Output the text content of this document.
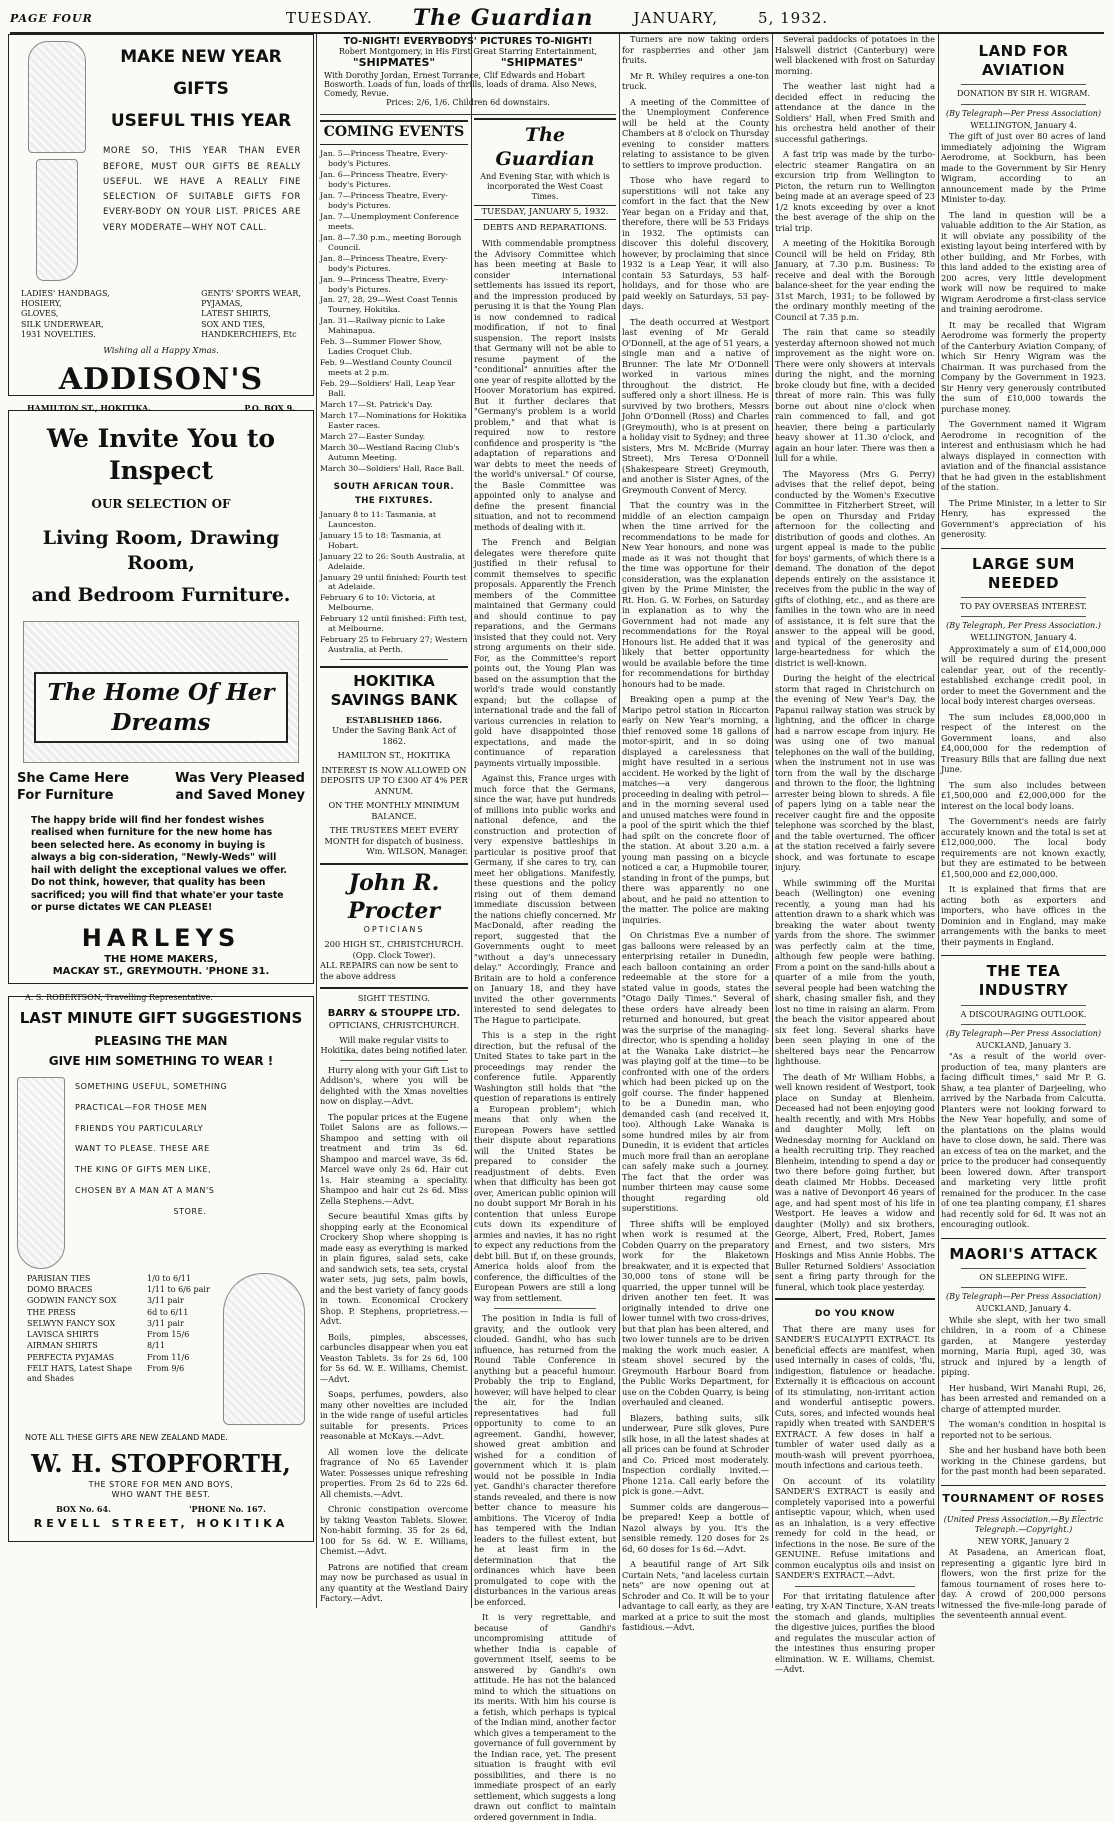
PAGE FOUR	TUESDAY. The Guardian	JANUARY,	5, 1932.
MAKE NEW YEAR
GIFTS
USEFUL THIS YEAR
MORE SO, THIS YEAR THAN EVER BEFORE, MUST OUR GIFTS BE REALLY USEFUL. WE HAVE A REALLY FINE SELECTION OF SUITABLE GIFTS FOR EVERY-BODY ON YOUR LIST. PRICES ARE VERY MODERATE—WHY NOT CALL.
LADIES' HANDBAGS,
HOSIERY,
GLOVES,
SILK UNDERWEAR,
1931 NOVELTIES.
GENTS' SPORTS WEAR,
PYJAMAS,
LATEST SHIRTS,
SOX AND TIES,
HANDKERCHIEFS, Etc
Wishing all a Happy Xmas.
ADDISON'S
HAMILTON ST., HOKITIKA.	P.O. BOX 9.
We Invite You to Inspect
OUR SELECTION OF
Living Room, Drawing Room,
and Bedroom Furniture.
The Home Of Her Dreams
She Came Here For Furniture
Was Very Pleased and Saved Money
The happy bride will find her fondest wishes realised when furniture for the new home has been selected here. As economy in buying is always a big con-sideration, "Newly-Weds" will hail with delight the exceptional values we offer. Do not think, however, that quality has been sacrificed; you will find that whate'er your taste or purse dictates WE CAN PLEASE!
HARLEYS
THE HOME MAKERS,
MACKAY ST., GREYMOUTH. 'PHONE 31.
A. S. ROBERTSON, Travelling Representative.
LAST MINUTE GIFT SUGGESTIONS
PLEASING THE MAN
GIVE HIM SOMETHING TO WEAR !
SOMETHING USEFUL, SOMETHING
PRACTICAL—FOR THOSE MEN
FRIENDS YOU PARTICULARLY
WANT TO PLEASE. THESE ARE
THE KING OF GIFTS MEN LIKE,
CHOSEN BY A MAN AT A MAN'S
STORE.
PARISIAN TIES	1/0 to 6/11
DOMO BRACES	1/11 to 6/6 pair
GODWIN FANCY SOX	3/11 pair
THE PRESS	6d to 6/11
SELWYN FANCY SOX	3/11 pair
LAVISCA SHIRTS	From 15/6
AIRMAN SHIRTS	8/11
PERFECTA PYJAMAS	From 11/6
FELT HATS, Latest Shape and Shades
From 9/6
NOTE ALL THESE GIFTS ARE NEW ZEALAND MADE.
W. H. STOPFORTH,
THE STORE FOR MEN AND BOYS,
WHO WANT THE BEST.
BOX No. 64.	'PHONE No. 167.
REVELL STREET, HOKITIKA
TO-NIGHT! EVERYBODYS' PICTURES TO-NIGHT!
Robert Montgomery, in His First Great Starring Entertainment,
"SHIPMATES"	"SHIPMATES"
With Dorothy Jordan, Ernest Torrance, Clif Edwards and Hobart Bosworth. Loads of fun, loads of thrills, loads of drama. Also News, Comedy, Revue.
Prices: 2/6, 1/6. Children 6d downstairs.
COMING EVENTS
Jan. 5—Princess Theatre, Every-body's Pictures.
Jan. 6—Princess Theatre, Every-body's Pictures.
Jan. 7—Princess Theatre, Every-body's Pictures.
Jan. 7—Unemployment Conference meets.
Jan. 8—7.30 p.m., meeting Borough Council.
Jan. 8—Princess Theatre, Every-body's Pictures.
Jan. 9—Princess Theatre, Every-body's Pictures.
Jan. 27, 28, 29—West Coast Tennis Tourney, Hokitika.
Jan. 31—Railway picnic to Lake Mahinapua.
Feb. 3—Summer Flower Show, Ladies Croquet Club.
Feb. 9—Westland County Council meets at 2 p.m.
Feb. 29—Soldiers' Hall, Leap Year Ball.
March 17—St. Patrick's Day.
March 17—Nominations for Hokitika Easter races.
March 27—Easter Sunday.
March 30—Westland Racing Club's Autumn Meeting.
March 30—Soldiers' Hall, Race Ball.
SOUTH AFRICAN TOUR.
THE FIXTURES.
January 8 to 11: Tasmania, at Launceston.
January 15 to 18: Tasmania, at Hobart.
January 22 to 26: South Australia, at Adelaide.
January 29 until finished: Fourth test at Adelaide.
February 6 to 10: Victoria, at Melbourne.
February 12 until finished: Fifth test, at Melbourne.
February 25 to February 27; Western Australia, at Perth.
HOKITIKA
SAVINGS BANK
ESTABLISHED 1866.
Under the Saving Bank Act of 1862.
HAMILTON ST., HOKITIKA
INTEREST IS NOW ALLOWED ON DEPOSITS UP TO £300 AT 4% PER ANNUM.
ON THE MONTHLY MINIMUM BALANCE.
THE TRUSTEES MEET EVERY MONTH for dispatch of business.
Wm. WILSON, Manager.
John R. Procter
OPTICIANS
200 HIGH ST., CHRISTCHURCH.
(Opp. Clock Tower).
ALL REPAIRS can now be sent to the above address
SIGHT TESTING.
BARRY & STOUPPE LTD.
OPTICIANS, CHRISTCHURCH.
Will make regular visits to Hokitika, dates being notified later.

Hurry along with your Gift List to Addison's, where you will be delighted with the Xmas novelties now on display.—Advt.

The popular prices at the Eugene Toilet Salons are as follows.—Shampoo and setting with oil treatment and trim 3s 6d. Shampoo and marcel wave, 3s 6d. Marcel wave only 2s 6d. Hair cut 1s. Hair steaming a speciality. Shampoo and hair cut 2s 6d. Miss Zella Stephens.—Advt.

Secure beautiful Xmas gifts by shopping early at the Economical Crockery Shop where shopping is made easy as everything is marked in plain figures, salad sets, cake and sandwich sets, tea sets, crystal water sets, jug sets, palm bowls, and the best variety of fancy goods in town. Economical Crockery Shop. P. Stephens, proprietress.—Advt.

Boils, pimples, abscesses, carbuncles disappear when you eat Veaston Tablets. 3s for 2s 6d, 100 for 5s 6d. W. E. Williams, Chemist.—Advt.

Soaps, perfumes, powders, also many other novelties are included in the wide range of useful articles suitable for presents. Prices reasonable at McKays.—Advt.

All women love the delicate fragrance of No 65 Lavender Water. Possesses unique refreshing properties. From 2s 6d to 22s 6d. All chemists.—Advt.

Chronic constipation overcome by taking Veaston Tablets. Slower. Non-habit forming. 35 for 2s 6d, 100 for 5s 6d. W. E. Williams, Chemist.—Advt.

Patrons are notified that cream may now be purchased as usual in any quantity at the Westland Dairy Factory.—Advt.

The Guardian
And Evening Star, with which is incorporated the West Coast Times.
TUESDAY, JANUARY 5, 1932.
DEBTS AND REPARATIONS.

With commendable promptness the Advisory Committee which has been meeting at Basle to consider international settlements has issued its report, and the impression produced by perusing it is that the Young Plan is now condemned to radical modification, if not to final suspension. The report insists that Germany will not be able to resume payment of the "conditional" annuities after the one year of respite allotted by the Hoover Moratorium has expired. But it further declares that "Germany's problem is a world problem," and that what is required now to restore confidence and prosperity is "the adaptation of reparations and war debts to meet the needs of the world's universal." Of course, the Basle Committee was appointed only to analyse and define the present financial situation, and not to recommend methods of dealing with it.

The French and Belgian delegates were therefore quite justified in their refusal to commit themselves to specific proposals. Apparently the French members of the Committee maintained that Germany could and should continue to pay reparations, and the Germans insisted that they could not. Very strong arguments on their side. For, as the Committee's report points out, the Young Plan was based on the assumption that the world's trade would constantly expand; but the collapse of international trade and the fall of various currencies in relation to gold have disappointed those expectations, and made the continuance of reparation payments virtually impossible.

Against this, France urges with much force that the Germans, since the war, have put hundreds of millions into public works and national defence, and the construction and protection of very expensive battleships in particular is positive proof that Germany, if she cares to try, can meet her obligations. Manifestly, these questions and the policy rising out of them demand immediate discussion between the nations chiefly concerned. Mr MacDonald, after reading the report, suggested that the Governments ought to meet "without a day's unnecessary delay." Accordingly, France and Britain are to hold a conference on January 18, and they have invited the other governments interested to send delegates to The Hague to participate.

This is a step in the right direction, but the refusal of the United States to take part in the proceedings may render the conference futile. Apparently Washington still holds that "the question of reparations is entirely a European problem"; which means that only when the European Powers have settled their dispute about reparations will the United States be prepared to consider the readjustment of debts. Even when that difficulty has been got over, American public opinion will no doubt support Mr Borah in his contention that unless Europe cuts down its expenditure of armies and navies, it has no right to expect any reductions from the debt bill. But if, on these grounds, America holds aloof from the conference, the difficulties of the European Powers are still a long way from settlement.

The position in India is full of gravity, and the outlook very clouded. Gandhi, who has such influence, has returned from the Round Table Conference in anything but a peaceful humour. Probably the trip to England, however, will have helped to clear the air, for the Indian representatives had full opportunity to come to an agreement. Gandhi, however, showed great ambition and wished for a condition of government which it is plain would not be possible in India yet. Gandhi's character therefore stands revealed, and there is now better chance to measure his ambitions. The Viceroy of India has tempered with the Indian leaders to the fullest extent, but he at least firm in the determination that the ordinances which have been promulgated to cope with the disturbances in the various areas be enforced.

It is very regrettable, and because of Gandhi's uncompromising attitude of whether India is capable of government itself, seems to be answered by Gandhi's own attitude. He has not the balanced mind to which the situations on its merits. With him his course is a fetish, which perhaps is typical of the Indian mind, another factor which gives a temperament to the governance of full government by the Indian race, yet. The present situation is fraught with evil possibilities, and there is no immediate prospect of an early settlement, which suggests a long drawn out conflict to maintain ordered government in India.

Turners are now taking orders for raspberries and other jam fruits.

Mr R. Whiley requires a one-ton truck.

A meeting of the Committee of the Unemployment Conference will be held at the County Chambers at 8 o'clock on Thursday evening to consider matters relating to assistance to be given to settlers to improve production.

Those who have regard to superstitions will not take any comfort in the fact that the New Year began on a Friday and that, therefore, there will be 53 Fridays in 1932. The optimists can discover this doleful discovery, however, by proclaiming that since 1932 is a Leap Year, it will also contain 53 Saturdays, 53 half-holidays, and for those who are paid weekly on Saturdays, 53 pay-days.

The death occurred at Westport last evening of Mr Gerald O'Donnell, at the age of 51 years, a single man and a native of Brunner. The late Mr O'Donnell worked in various mines throughout the district. He suffered only a short illness. He is survived by two brothers, Messrs John O'Donnell (Ross) and Charles (Greymouth), who is at present on a holiday visit to Sydney; and three sisters, Mrs M. McBride (Murray Street), Mrs Teresa O'Donnell (Shakespeare Street) Greymouth, and another is Sister Agnes, of the Greymouth Convent of Mercy.

That the country was in the middle of an election campaign when the time arrived for the recommendations to be made for New Year honours, and none was made as it was not thought that the time was opportune for their consideration, was the explanation given by the Prime Minister, the Rt. Hon. G. W. Forbes, on Saturday in explanation as to why the Government had not made any recommendations for the Royal Honours list. He added that it was likely that better opportunity would be available before the time for recommendations for birthday honours had to be made.

Breaking open a pump at the Maripo petrol station in Riccarton early on New Year's morning, a thief removed some 18 gallons of motor-spirit, and in so doing displayed a carelessness that might have resulted in a serious accident. He worked by the light of matches—a very dangerous proceeding in dealing with petrol—and in the morning several used and unused matches were found in a pool of the spirit which the thief had spilt on the concrete floor of the station. At about 3.20 a.m. a young man passing on a bicycle noticed a car, a Hupmobile tourer, standing in front of the pumps, but there was apparently no one about, and he paid no attention to the matter. The police are making inquiries.

On Christmas Eve a number of gas balloons were released by an enterprising retailer in Dunedin, each balloon containing an order redeemable at the store for a stated value in goods, states the "Otago Daily Times." Several of these orders have already been returned and honoured, but great was the surprise of the managing-director, who is spending a holiday at the Wanaka Lake district—he was playing golf at the time—to be confronted with one of the orders which had been picked up on the golf course. The finder happened to be a Dunedin man, who demanded cash (and received it, too). Although Lake Wanaka is some hundred miles by air from Dunedin, it is evident that articles much more frail than an aeroplane can safely make such a journey. The fact that the order was number thirteen may cause some thought regarding old superstitions.

Three shifts will be employed when work is resumed at the Cobden Quarry on the preparatory work for the Blaketown breakwater, and it is expected that 30,000 tons of stone will be quarried, the upper tunnel will be driven another ten feet. It was originally intended to drive one lower tunnel with two cross-drives, but that plan has been altered, and two lower tunnels are to be driven making the work much easier. A steam shovel secured by the Greymouth Harbour Board from the Public Works Department, for use on the Cobden Quarry, is being overhauled and cleaned.

Blazers, bathing suits, silk underwear, Pure silk gloves, Pure silk hose, in all the latest shades at all prices can be found at Schroder and Co. Priced most moderately. Inspection cordially invited.—Phone 121a. Call early before the pick is gone.—Advt.

Summer colds are dangerous—be prepared! Keep a bottle of Nazol always by you. It's the sensible remedy. 120 doses for 2s 6d, 60 doses for 1s 6d.—Advt.

A beautiful range of Art Silk Curtain Nets, "and laceless curtain nets" are now opening out at Schroder and Co. It will be to your advantage to call early, as they are marked at a price to suit the most fastidious.—Advt.

Several paddocks of potatoes in the Halswell district (Canterbury) were well blackened with frost on Saturday morning.

The weather last night had a decided effect in reducing the attendance at the dance in the Soldiers' Hall, when Fred Smith and his orchestra held another of their successful gatherings.

A fast trip was made by the turbo-electric steamer Rangatira on an excursion trip from Wellington to Picton, the return run to Wellington being made at an average speed of 23 1/2 knots exceeding by over a knot the best average of the ship on the trial trip.

A meeting of the Hokitika Borough Council will be held on Friday, 8th January, at 7.30 p.m. Business: To receive and deal with the Borough balance-sheet for the year ending the 31st March, 1931; to be followed by the ordinary monthly meeting of the Council at 7.35 p.m.

The rain that came so steadily yesterday afternoon showed not much improvement as the night wore on. There were only showers at intervals during the night, and the morning broke cloudy but fine, with a decided threat of more rain. This was fully borne out about nine o'clock when rain commenced to fall, and got heavier, there being a particularly heavy shower at 11.30 o'clock, and again an hour later. There was then a lull for a while.

The Mayoress (Mrs G. Perry) advises that the relief depot, being conducted by the Women's Executive Committee in Fitzherbert Street, will be open on Thursday and Friday afternoon for the collecting and distribution of goods and clothes. An urgent appeal is made to the public for boys' garments, of which there is a demand. The donation of the depot depends entirely on the assistance it receives from the public in the way of gifts of clothing, etc., and as there are families in the town who are in need of assistance, it is felt sure that the answer to the appeal will be good, and typical of the generosity and large-heartedness for which the district is well-known.

During the height of the electrical storm that raged in Christchurch on the evening of New Year's Day, the Papanui railway station was struck by lightning, and the officer in charge had a narrow escape from injury. He was using one of two manual telephones on the wall of the building, when the instrument not in use was torn from the wall by the discharge and thrown to the floor, the lightning arrester being blown to shreds. A file of papers lying on a table near the receiver caught fire and the opposite telephone was scorched by the blast, and the table overturned. The officer at the station received a fairly severe shock, and was fortunate to escape injury.

While swimming off the Muritai beach (Wellington) one evening recently, a young man had his attention drawn to a shark which was breaking the water about twenty yards from the shore. The swimmer was perfectly calm at the time, although few people were bathing. From a point on the sand-hills about a quarter of a mile from the youth, several people had been watching the shark, chasing smaller fish, and they lost no time in raising an alarm. From the beach the visitor appeared about six feet long. Several sharks have been seen playing in one of the sheltered bays near the Pencarrow lighthouse.

The death of Mr William Hobbs, a well known resident of Westport, took place on Sunday at Blenheim. Deceased had not been enjoying good health recently, and with Mrs Hobbs and daughter Molly, left on Wednesday morning for Auckland on a health recruiting trip. They reached Blenheim, intending to spend a day or two there before going further, but death claimed Mr Hobbs. Deceased was a native of Devonport 46 years of age, and had spent most of his life in Westport. He leaves a widow and daughter (Molly) and six brothers, George, Albert, Fred, Robert, James and Ernest, and two sisters, Mrs Hoskings and Miss Annie Hobbs. The Buller Returned Soldiers' Association sent a firing party through for the funeral, which took place yesterday.

DO YOU KNOW

That there are many uses for SANDER'S EUCALYPTI EXTRACT. Its beneficial effects are manifest, when used internally in cases of colds, 'flu, indigestion, flatulence or headache. Externally it is efficacious on account of its stimulating, non-irritant action and wonderful antiseptic powers. Cuts, sores, and infected wounds heal rapidly when treated with SANDER'S EXTRACT. A few doses in half a tumbler of water used daily as a mouth-wash will prevent pyorrhoea, mouth infections and carious teeth.

On account of its volatility SANDER'S EXTRACT is easily and completely vaporised into a powerful antiseptic vapour, which, when used as an inhalation, is a very effective remedy for cold in the head, or infections in the nose. Be sure of the GENUINE. Refuse imitations and common eucalyptus oils and insist on SANDER'S EXTRACT.—Advt.

For that irritating flatulence after eating, try X-AN Tincture, X-AN treats the stomach and glands, multiplies the digestive juices, purifies the blood and regulates the muscular action of the intestines thus ensuring proper elimination. W. E. Williams, Chemist.—Advt.

LAND FOR AVIATION
DONATION BY SIR H. WIGRAM.
(By Telegraph—Per Press Association)
WELLINGTON, January 4.

The gift of just over 80 acres of land immediately adjoining the Wigram Aerodrome, at Sockburn, has been made to the Government by Sir Henry Wigram, according to an announcement made by the Prime Minister to-day.

The land in question will be a valuable addition to the Air Station, as it will obviate any possibility of the existing layout being interfered with by other building, and Mr Forbes, with this land added to the existing area of 200 acres, very little development work will now be required to make Wigram Aerodrome a first-class service and training aerodrome.

It may be recalled that Wigram Aerodrome was formerly the property of the Canterbury Aviation Company, of which Sir Henry Wigram was the Chairman. It was purchased from the Company by the Government in 1923. Sir Henry very generously contributed the sum of £10,000 towards the purchase money.

The Government named it Wigram Aerodrome in recognition of the interest and enthusiasm which he had always displayed in connection with aviation and of the financial assistance that he had given in the establishment of the station.

The Prime Minister, in a letter to Sir Henry, has expressed the Government's appreciation of his generosity.

LARGE SUM NEEDED
TO PAY OVERSEAS INTEREST.
(By Telegraph, Per Press Association.)
WELLINGTON, January 4.

Approximately a sum of £14,000,000 will be required during the present calendar year, out of the recently-established exchange credit pool, in order to meet the Government and the local body interest charges overseas.

The sum includes £8,000,000 in respect of the interest on the Government loans, and also £4,000,000 for the redemption of Treasury Bills that are falling due next June.

The sum also includes between £1,500,000 and £2,000,000 for the interest on the local body loans.

The Government's needs are fairly accurately known and the total is set at £12,000,000. The local body requirements are not known exactly, but they are estimated to be between £1,500,000 and £2,000,000.

It is explained that firms that are acting both as exporters and importers, who have offices in the Dominion and in England, may make arrangements with the banks to meet their payments in England.

THE TEA INDUSTRY
A DISCOURAGING OUTLOOK.
(By Telegraph—Per Press Association)
AUCKLAND, January 3.

"As a result of the world over-production of tea, many planters are facing difficult times," said Mr P. G. Shaw, a tea planter of Darjeeling, who arrived by the Narbada from Calcutta. Planters were not looking forward to the New Year hopefully, and some of the plantations on the plains would have to close down, he said. There was an excess of tea on the market, and the price to the producer had consequently been lowered down. After transport and marketing very little profit remained for the producer. In the case of one tea planting company, £1 shares had recently sold for 6d. It was not an encouraging outlook.

MAORI'S ATTACK
ON SLEEPING WIFE.
(By Telegraph—Per Press Association)
AUCKLAND, January 4.

While she slept, with her two small children, in a room of a Chinese garden, at Mangere yesterday morning, Maria Rupi, aged 30, was struck and injured by a length of piping.

Her husband, Wiri Manahi Rupi, 26, has been arrested and remanded on a charge of attempted murder.

The woman's condition in hospital is reported not to be serious.

She and her husband have both been working in the Chinese gardens, but for the past month had been separated.

TOURNAMENT OF ROSES
(United Press Association.—By Electric Telegraph.—Copyright.)
NEW YORK, January 2

At Pasadena, an American float, representing a gigantic lyre bird in flowers, won the first prize for the famous tournament of roses here to-day. A crowd of 200,000 persons witnessed the five-mile-long parade of the seventeenth annual event.
